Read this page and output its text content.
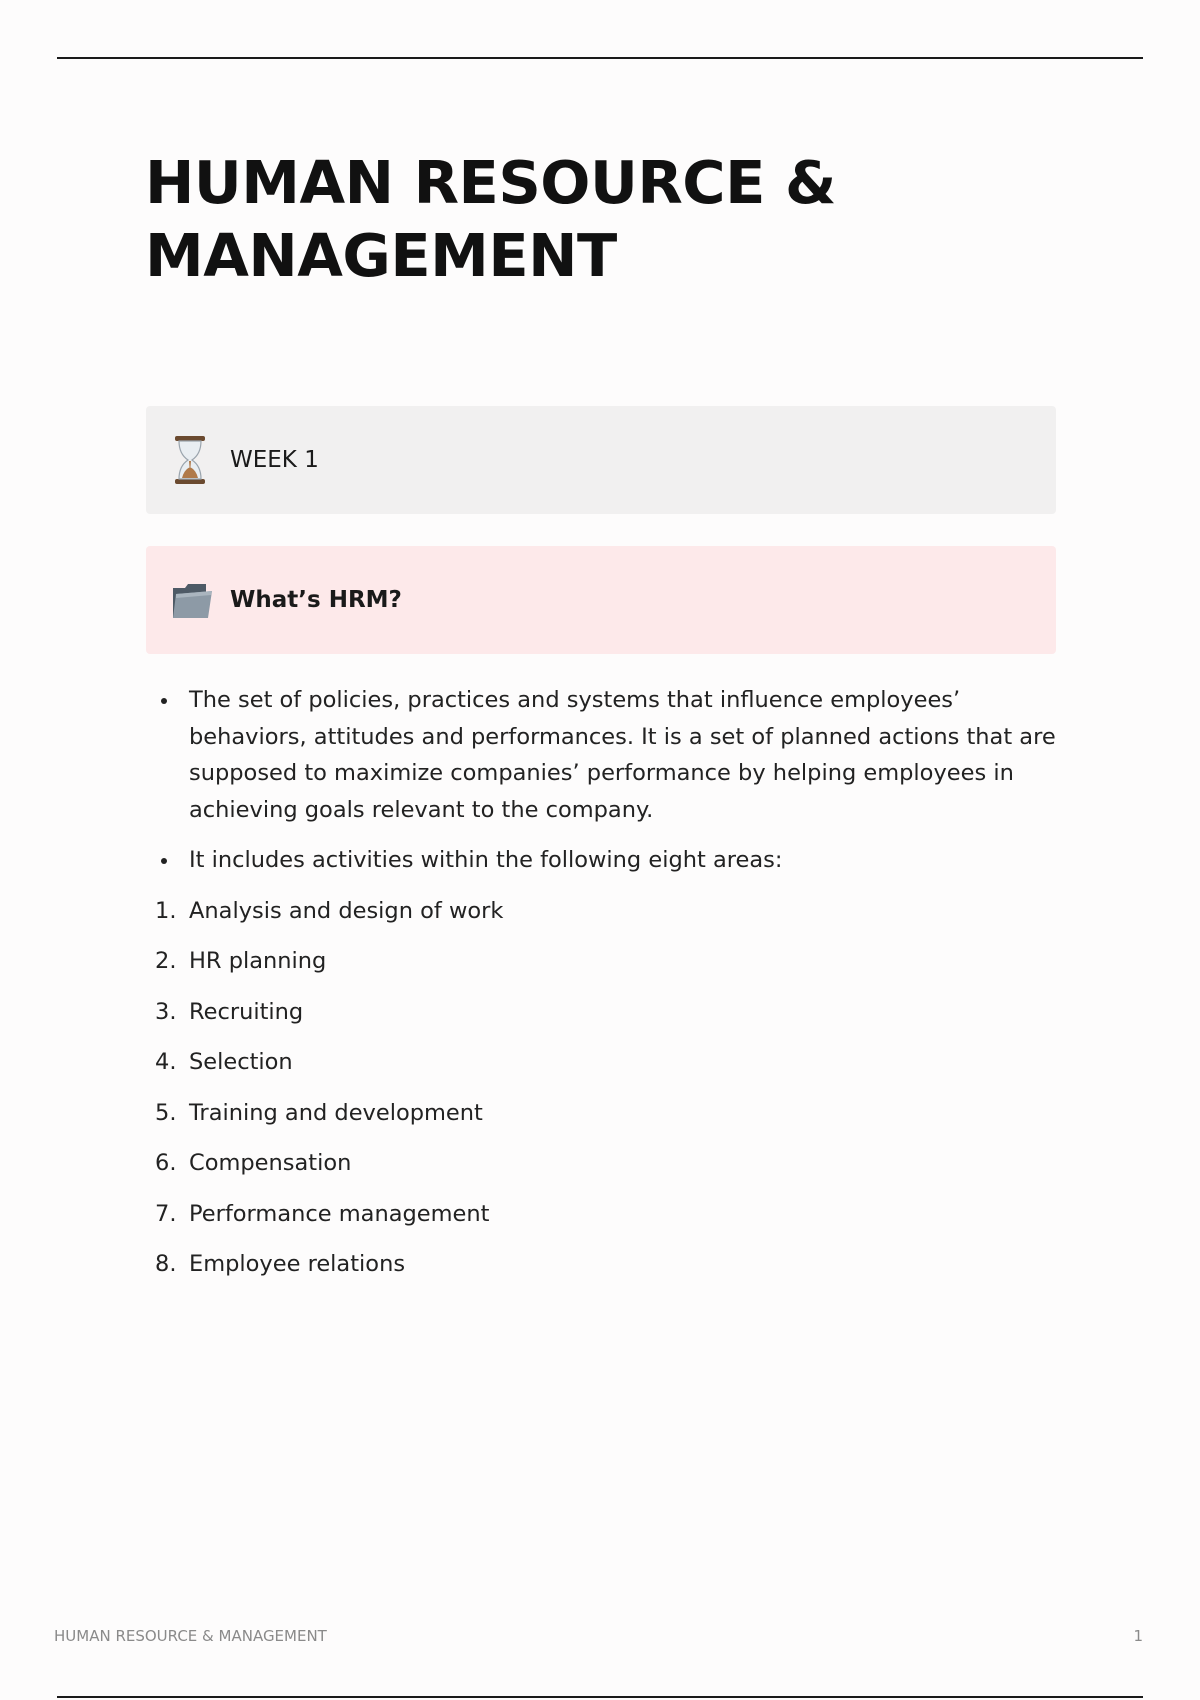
HUMAN RESOURCE & MANAGEMENT
WEEK 1
What’s HRM?
The set of policies, practices and systems that influence employees’ behaviors, attitudes and performances. It is a set of planned actions that are supposed to maximize companies’ performance by helping employees in achieving goals relevant to the company.
It includes activities within the following eight areas:
1. Analysis and design of work
2. HR planning
3. Recruiting
4. Selection
5. Training and development
6. Compensation
7. Performance management
8. Employee relations
HUMAN RESOURCE & MANAGEMENT	1
